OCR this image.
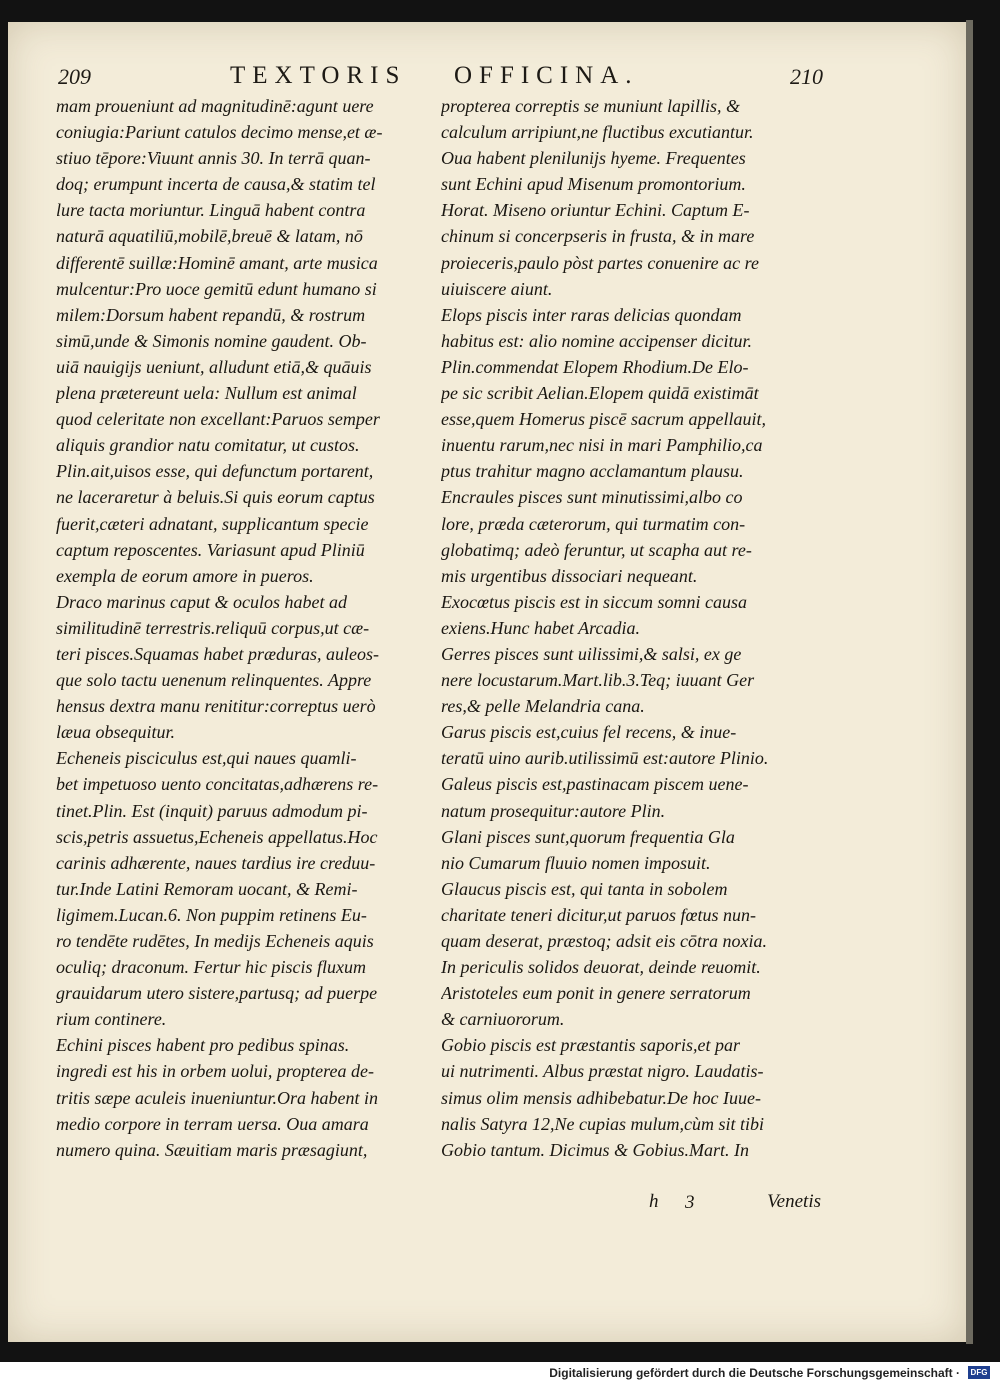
209	TEXTORIS OFFICINA.	210
mam proueniunt ad magnitudinē:agunt uere
coniugia:Pariunt catulos decimo mense,et æ-
stiuo tēpore:Viuunt annis 30. In terrā quan-
doq; erumpunt incerta de causa,& statim tel
lure tacta moriuntur. Linguā habent contra
naturā aquatiliū,mobilē,breuē & latam, nō
differentē suillæ:Hominē amant, arte musica
mulcentur:Pro uoce gemitū edunt humano si
milem:Dorsum habent repandū, & rostrum
simū,unde & Simonis nomine gaudent. Ob-
uiā nauigijs ueniunt, alludunt etiā,& quāuis
plena prætereunt uela: Nullum est animal
quod celeritate non excellant:Paruos semper
aliquis grandior natu comitatur, ut custos.
Plin.ait,uisos esse, qui defunctum portarent,
ne laceraretur à beluis.Si quis eorum captus
fuerit,cæteri adnatant, supplicantum specie
captum reposcentes. Variasunt apud Pliniū
exempla de eorum amore in pueros.
Draco marinus caput & oculos habet ad
similitudinē terrestris.reliquū corpus,ut cæ-
teri pisces.Squamas habet præduras, auleos-
que solo tactu uenenum relinquentes. Appre
hensus dextra manu renititur:correptus uerò
læua obsequitur.
Echeneis pisciculus est,qui naues quamli-
bet impetuoso uento concitatas,adhærens re-
tinet.Plin. Est (inquit) paruus admodum pi-
scis,petris assuetus,Echeneis appellatus.Hoc
carinis adhærente, naues tardius ire creduu-
tur.Inde Latini Remoram uocant, & Remi-
ligimem.Lucan.6. Non puppim retinens Eu-
ro tendēte rudētes, In medijs Echeneis aquis
oculiq; draconum. Fertur hic piscis fluxum
grauidarum utero sistere,partusq; ad puerpe
rium continere.
Echini pisces habent pro pedibus spinas.
ingredi est his in orbem uolui, propterea de-
tritis sæpe aculeis inueniuntur.Ora habent in
medio corpore in terram uersa. Oua amara
numero quina. Sæuitiam maris præsagiunt,
propterea correptis se muniunt lapillis, &
calculum arripiunt,ne fluctibus excutiantur.
Oua habent plenilunijs hyeme. Frequentes
sunt Echini apud Misenum promontorium.
Horat. Miseno oriuntur Echini. Captum E-
chinum si concerpseris in frusta, & in mare
proieceris,paulo pòst partes conuenire ac re
uiuiscere aiunt.
Elops piscis inter raras delicias quondam
habitus est: alio nomine accipenser dicitur.
Plin.commendat Elopem Rhodium.De Elo-
pe sic scribit Aelian.Elopem quidā existimāt
esse,quem Homerus piscē sacrum appellauit,
inuentu rarum,nec nisi in mari Pamphilio,ca
ptus trahitur magno acclamantum plausu.
Encraules pisces sunt minutissimi,albo co
lore, præda cæterorum, qui turmatim con-
globatimq; adeò feruntur, ut scapha aut re-
mis urgentibus dissociari nequeant.
Exocœtus piscis est in siccum somni causa
exiens.Hunc habet Arcadia.
Gerres pisces sunt uilissimi,& salsi, ex ge
nere locustarum.Mart.lib.3.Teq; iuuant Ger
res,& pelle Melandria cana.
Garus piscis est,cuius fel recens, & inue-
teratū uino aurib.utilissimū est:autore Plinio.
Galeus piscis est,pastinacam piscem uene-
natum prosequitur:autore Plin.
Glani pisces sunt,quorum frequentia Gla
nio Cumarum fluuio nomen imposuit.
Glaucus piscis est, qui tanta in sobolem
charitate teneri dicitur,ut paruos fœtus nun-
quam deserat, præstoq; adsit eis cōtra noxia.
In periculis solidos deuorat, deinde reuomit.
Aristoteles eum ponit in genere serratorum
& carniuororum.
Gobio piscis est præstantis saporis,et par
ui nutrimenti. Albus præstat nigro. Laudatis-
simus olim mensis adhibebatur.De hoc Iuue-
nalis Satyra 12,Ne cupias mulum,cùm sit tibi
Gobio tantum. Dicimus & Gobius.Mart. In
h 3	Venetis
Digitalisierung gefördert durch die Deutsche Forschungsgemeinschaft ·	DFG
